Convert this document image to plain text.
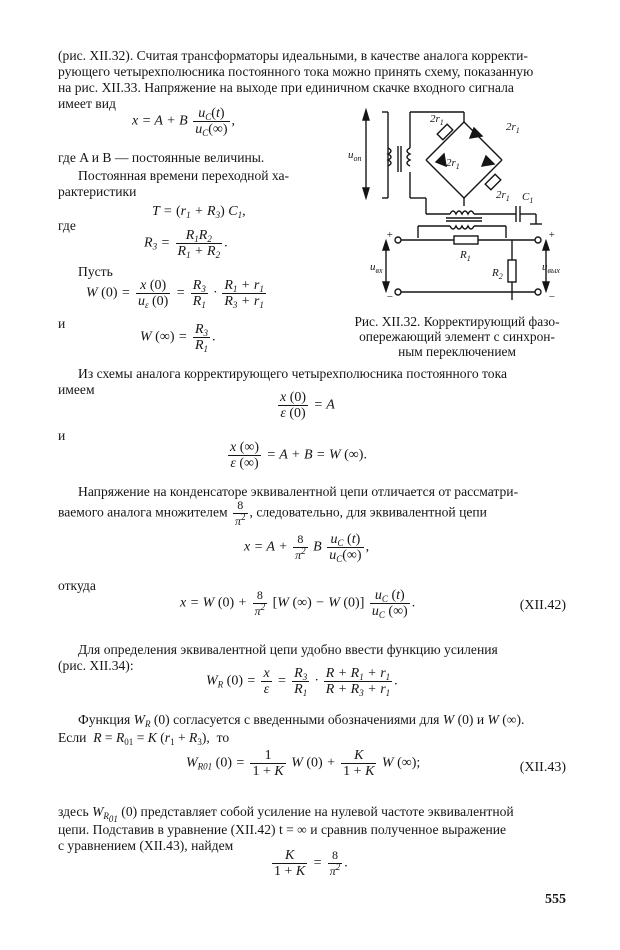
(рис. XII.32). Считая трансформаторы идеальными, в качестве аналога корректи-
рующего четырехполюсника постоянного тока можно принять схему, показанную
на рис. XII.33. Напряжение на выходе при единичном скачке входного сигнала
имеет вид
x = A + B $\frac{u_C(t)}{u_C(\infty)}$ ,
где A и B — постоянные величины.
Постоянная времени переходной ха-
рактеристики
$T = (r_1 + R_3)$ $C_1$,
где
$R_3 = \frac{R_1R_2}{R_1 + R_2}$ .
Пусть
W $(0) = \frac{x (0)}{u_\varepsilon (0)} = \frac{R_3}{R_1} \cdot \frac{R_1 + r_1}{R_3 + r_1}$
и
W (∞) = $\frac{R_3}{R_1}$ .
$u_{оп}$
$2r_1$	$2r_1$
$2r_1$
$2r_1$ $C_1$
$R_1$
$R_2$
$u_{вх}$	$u_{вых}$
+	+
−	−
Рис. XII.32. Корректирующий фазо-
опережающий элемент с синхрон-
ным переключением
Из схемы аналога корректирующего четырехполюсника постоянного тока
имеем
$\frac{x (0)}{\varepsilon (0)} = A$
и
$\frac{x (\infty)}{\varepsilon (\infty)} = A + B = W$ (∞).
Напряжение на конденсаторе эквивалентной цепи отличается от рассматри-
ваемого аналога множителем $\frac{8}{\pi^2}$ , следовательно, для эквивалентной цепи
$x = A + \frac{8}{\pi^2}$ B $\frac{u_C (t)}{u_C(\infty)}$ ,
откуда
x = W $(0) + \frac{8}{\pi^2} [W$ (∞) − W $(0)] \frac{u_C (t)}{u_C (\infty)}$ .	(XII.42)
Для определения эквивалентной цепи удобно ввести функцию усиления
(рис. XII.34):
$W_R$ $(0) = \frac{x}{\varepsilon} = \frac{R_3}{R_1} \cdot \frac{R + R_1 + r_1}{R + R_3 + r_1}$ .
Функция $W_R$ (0) согласуется с введенными обозначениями для W (0) и W (∞).
Если $R = R_{01} = K$ $(r_1 + R_3)$,  то
$W_{R01}$ $(0) = \frac{1}{1 + K}$ W $(0) + \frac{K}{1 + K}$ W (∞);	(XII.43)
здесь $W_{R_{01}}$ (0) представляет собой усиление на нулевой частоте эквивалентной
цепи. Подставив в уравнение (XII.42) t = ∞ и сравнив полученное выражение
с уравнением (XII.43), найдем
$\frac{K}{1 + K} = \frac{8}{\pi^2}$ .
555
